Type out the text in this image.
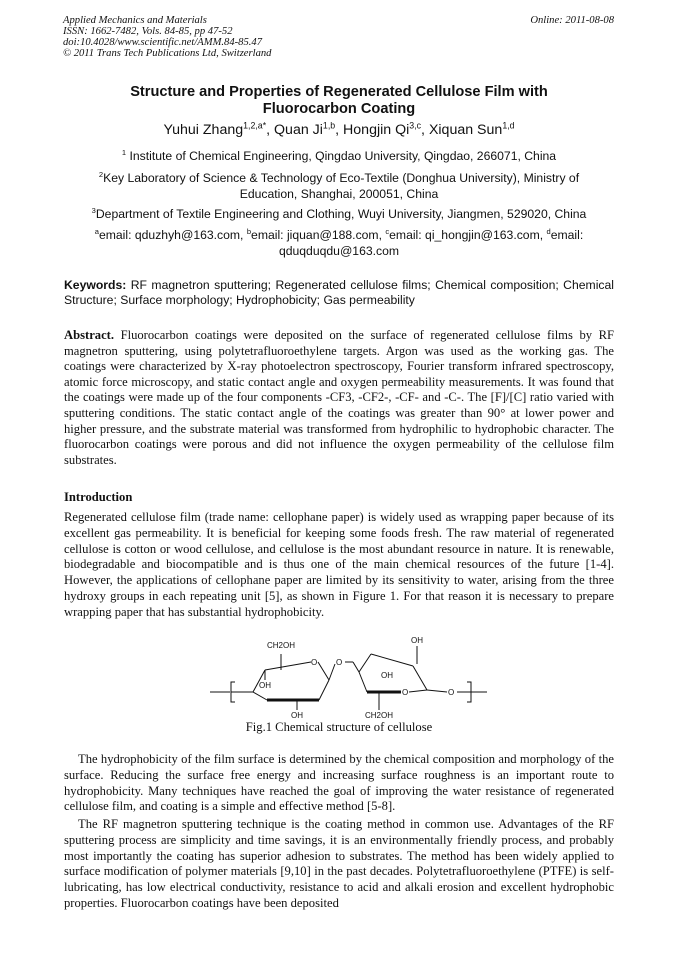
Applied Mechanics and Materials
ISSN: 1662-7482, Vols. 84-85, pp 47-52
doi:10.4028/www.scientific.net/AMM.84-85.47
© 2011 Trans Tech Publications Ltd, Switzerland
Online: 2011-08-08
Structure and Properties of Regenerated Cellulose Film with
Fluorocarbon Coating
Yuhui Zhang$^{1,2,a*}$, Quan Ji$^{1,b}$, Hongjin Qi$^{3,c}$, Xiquan Sun$^{1,d}$
$^1$ Institute of Chemical Engineering, Qingdao University, Qingdao, 266071, China
$^2$Key Laboratory of Science & Technology of Eco-Textile (Donghua University), Ministry of
Education, Shanghai, 200051, China
$^3$Department of Textile Engineering and Clothing, Wuyi University, Jiangmen, 529020, China
$^a$email: qduzhyh@163.com, $^b$email: jiquan@188.com, $^c$email: qi_hongjin@163.com, $^d$email:
qduqduqdu@163.com
Keywords: RF magnetron sputtering; Regenerated cellulose films; Chemical composition; Chemical Structure; Surface morphology; Hydrophobicity; Gas permeability
Abstract. Fluorocarbon coatings were deposited on the surface of regenerated cellulose films by RF magnetron sputtering, using polytetrafluoroethylene targets. Argon was used as the working gas. The coatings were characterized by X-ray photoelectron spectroscopy, Fourier transform infrared spectroscopy, atomic force microscopy, and static contact angle and oxygen permeability measurements. It was found that the coatings were made up of the four components -CF3, -CF2-, -CF- and -C-. The [F]/[C] ratio varied with sputtering conditions. The static contact angle of the coatings was greater than 90° at lower power and higher pressure, and the substrate material was transformed from hydrophilic to hydrophobic character. The fluorocarbon coatings were porous and did not influence the oxygen permeability of the cellulose film substrates.
Introduction
Regenerated cellulose film (trade name: cellophane paper) is widely used as wrapping paper because of its excellent gas permeability. It is beneficial for keeping some foods fresh. The raw material of regenerated cellulose is cotton or wood cellulose, and cellulose is the most abundant resource in nature. It is renewable, biodegradable and biocompatible and is thus one of the main chemical resources of the future [1-4]. However, the applications of cellophane paper are limited by its sensitivity to water, arising from the three hydroxy groups in each repeating unit [5], as shown in Figure 1. For that reason it is necessary to prepare wrapping paper that has substantial hydrophobicity.
CH2OH
O O
OH
OH
OH
OH
O	O
CH2OH
Fig.1 Chemical structure of cellulose
The hydrophobicity of the film surface is determined by the chemical composition and morphology of the surface. Reducing the surface free energy and increasing surface roughness is an important route to hydrophobicity. Many techniques have reached the goal of improving the water resistance of regenerated cellulose film, and coating is a simple and effective method [5-8].
The RF magnetron sputtering technique is the coating method in common use. Advantages of the RF sputtering process are simplicity and time savings, it is an environmentally friendly process, and probably most importantly the coating has superior adhesion to substrates. The method has been widely applied to surface modification of polymer materials [9,10] in the past decades. Polytetrafluoroethylene (PTFE) is self-lubricating, has low electrical conductivity, resistance to acid and alkali erosion and excellent hydrophobic properties. Fluorocarbon coatings have been deposited
